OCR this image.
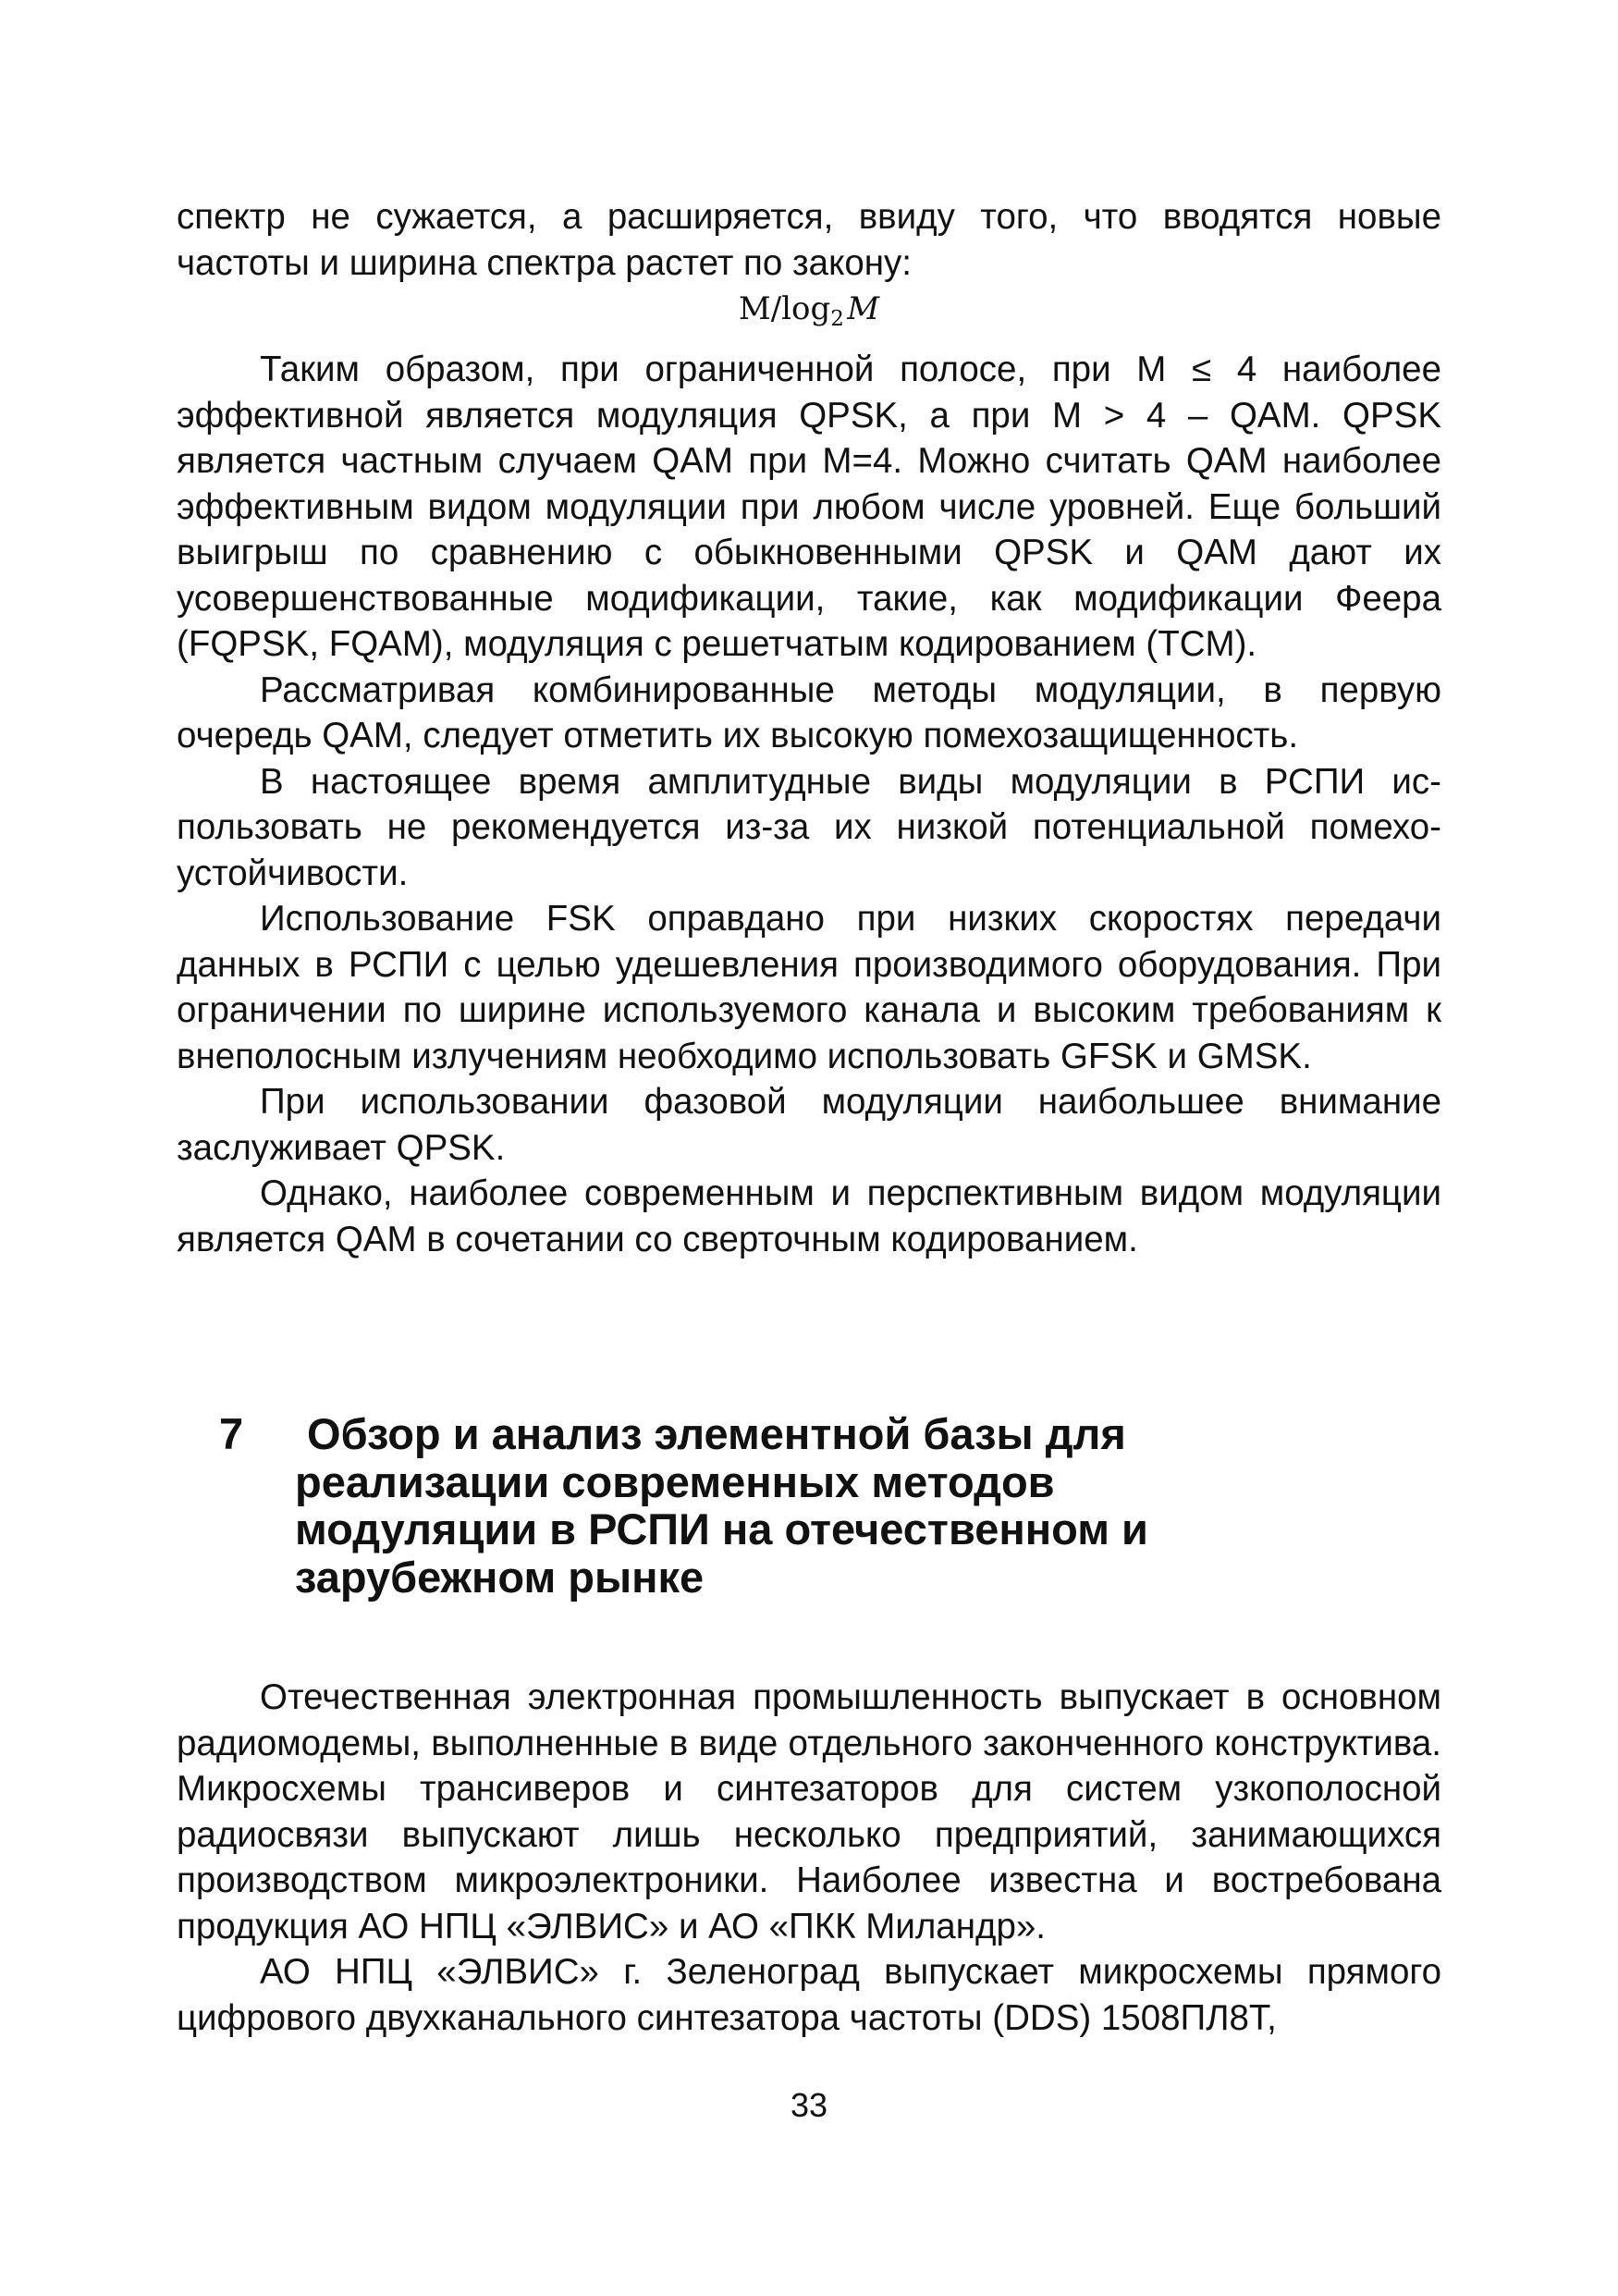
спектр не сужается, а расширяется, ввиду того, что вводятся новые частоты и ширина спектра растет по закону:

$M/\log_2$ M

Таким образом, при ограниченной полосе, при M ≤ 4 наиболее эффективной является модуляция QPSK, а при M > 4 – QAM. QPSK является частным случаем QAM при M=4. Можно считать QAM наиболее эффективным видом модуляции при любом числе уровней. Еще больший выигрыш по сравнению с обыкновенными QPSK и QAM дают их усовершенствованные модификации, такие, как модификации Феера (FQPSK, FQAM), модуляция с решетчатым кодированием (TCM).

Рассматривая комбинированные методы модуляции, в первую очередь QAM, следует отметить их высокую помехозащищенность.

В настоящее время амплитудные виды модуляции в РСПИ использовать не рекомендуется из-за их низкой потенциальной помехоустойчивости.

Использование FSK оправдано при низких скоростях передачи данных в РСПИ с целью удешевления производимого оборудования. При ограничении по ширине используемого канала и высоким требованиям к внеполосным излучениям необходимо использовать GFSK и GMSK.

При использовании фазовой модуляции наибольшее внимание заслуживает QPSK.

Однако, наиболее современным и перспективным видом модуляции является QAM в сочетании со сверточным кодированием.

7 Обзор и анализ элементной базы для реализации современных методов модуляции в РСПИ на отечественном и зарубежном рынке

Отечественная электронная промышленность выпускает в основном радиомодемы, выполненные в виде отдельного законченного конструктива. Микросхемы трансиверов и синтезаторов для систем узкополосной радиосвязи выпускают лишь несколько предприятий, занимающихся производством микроэлектроники. Наиболее известна и востребована продукция АО НПЦ «ЭЛВИС» и АО «ПКК Миландр».

АО НПЦ «ЭЛВИС» г. Зеленоград выпускает микросхемы прямого цифрового двухканального синтезатора частоты (DDS) 1508ПЛ8Т,

33
